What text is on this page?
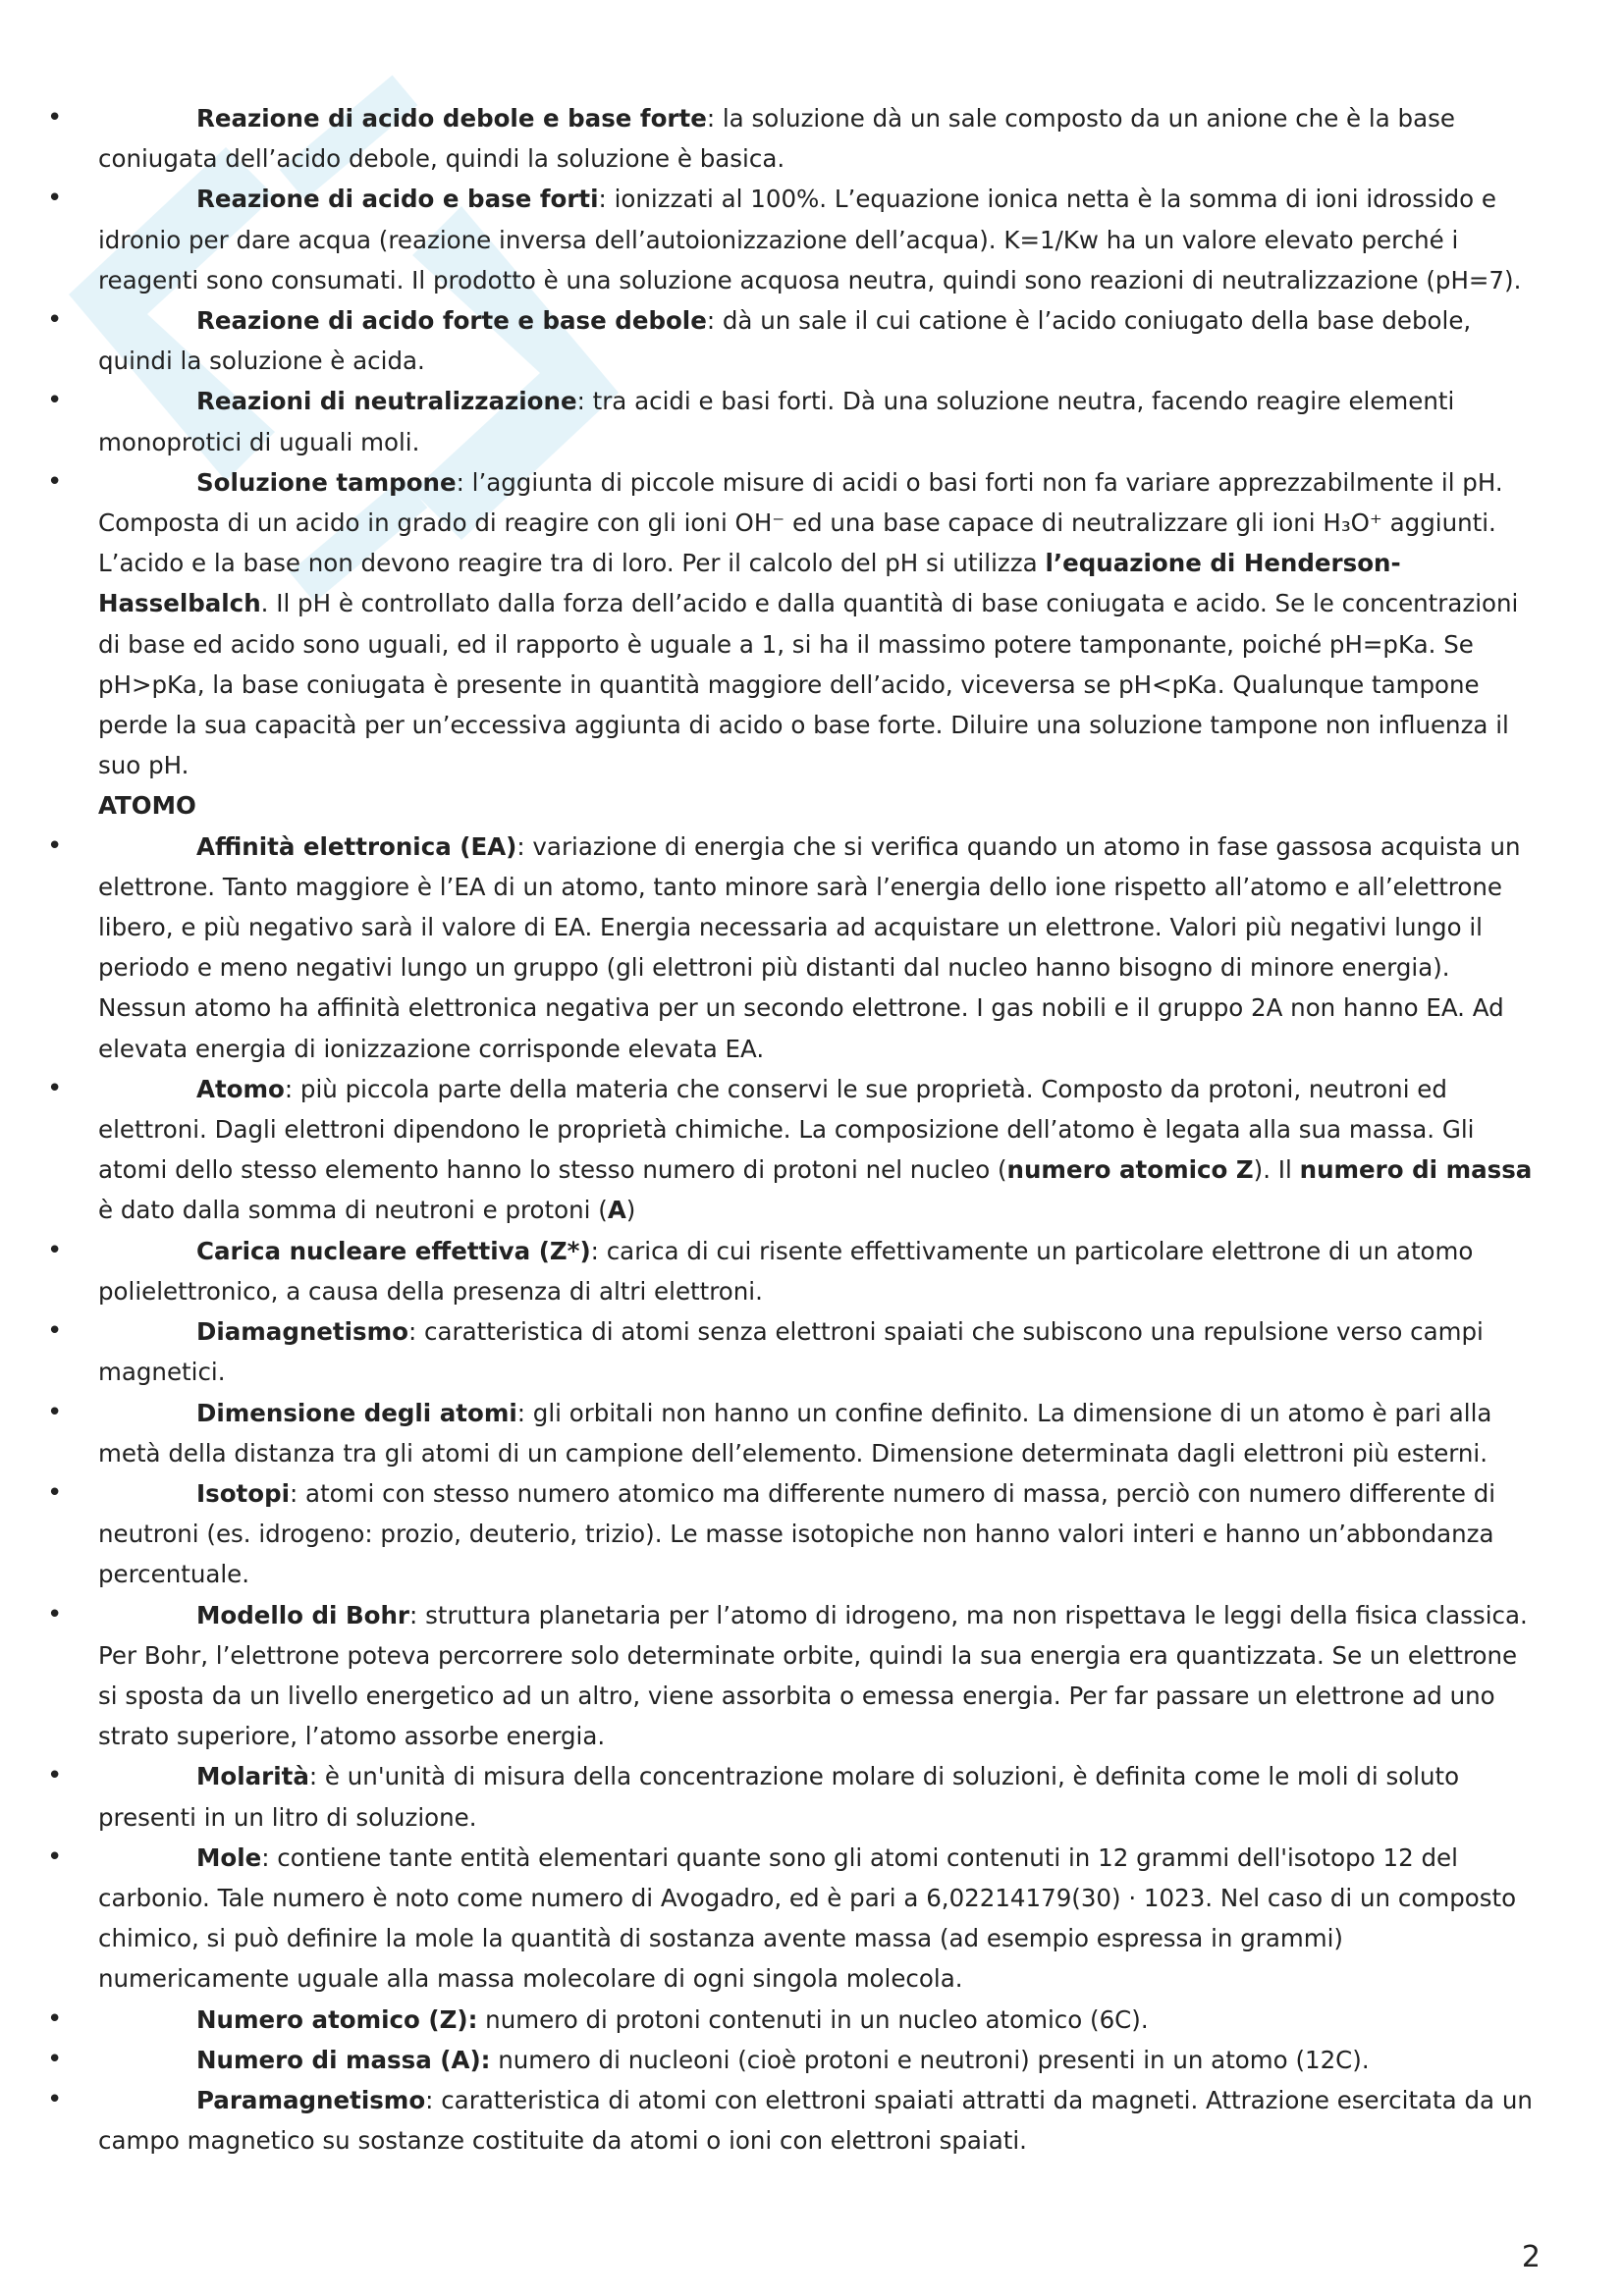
•	Reazione di acido debole e base forte: la soluzione dà un sale composto da un anione che è la base coniugata dell’acido debole, quindi la soluzione è basica.

•	Reazione di acido e base forti: ionizzati al 100%. L’equazione ionica netta è la somma di ioni idrossido e idronio per dare acqua (reazione inversa dell’autoionizzazione dell’acqua). K=1/Kw ha un valore elevato perché i reagenti sono consumati. Il prodotto è una soluzione acquosa neutra, quindi sono reazioni di neutralizzazione (pH=7).

•	Reazione di acido forte e base debole: dà un sale il cui catione è l’acido coniugato della base debole, quindi la soluzione è acida.

•	Reazioni di neutralizzazione: tra acidi e basi forti. Dà una soluzione neutra, facendo reagire elementi monoprotici di uguali moli.

•	Soluzione tampone: l’aggiunta di piccole misure di acidi o basi forti non fa variare apprezzabilmente il pH. Composta di un acido in grado di reagire con gli ioni OH⁻ ed una base capace di neutralizzare gli ioni H₃O⁺ aggiunti. L’acido e la base non devono reagire tra di loro. Per il calcolo del pH si utilizza l’equazione di Henderson-Hasselbalch. Il pH è controllato dalla forza dell’acido e dalla quantità di base coniugata e acido. Se le concentrazioni di base ed acido sono uguali, ed il rapporto è uguale a 1, si ha il massimo potere tamponante, poiché pH=pKa. Se pH>pKa, la base coniugata è presente in quantità maggiore dell’acido, viceversa se pH<pKa. Qualunque tampone perde la sua capacità per un’eccessiva aggiunta di acido o base forte. Diluire una soluzione tampone non influenza il suo pH.

ATOMO

•	Affinità elettronica (EA): variazione di energia che si verifica quando un atomo in fase gassosa acquista un elettrone. Tanto maggiore è l’EA di un atomo, tanto minore sarà l’energia dello ione rispetto all’atomo e all’elettrone libero, e più negativo sarà il valore di EA. Energia necessaria ad acquistare un elettrone. Valori più negativi lungo il periodo e meno negativi lungo un gruppo (gli elettroni più distanti dal nucleo hanno bisogno di minore energia). Nessun atomo ha affinità elettronica negativa per un secondo elettrone. I gas nobili e il gruppo 2A non hanno EA. Ad elevata energia di ionizzazione corrisponde elevata EA.

•	Atomo: più piccola parte della materia che conservi le sue proprietà. Composto da protoni, neutroni ed elettroni. Dagli elettroni dipendono le proprietà chimiche. La composizione dell’atomo è legata alla sua massa. Gli atomi dello stesso elemento hanno lo stesso numero di protoni nel nucleo (numero atomico Z). Il numero di massa è dato dalla somma di neutroni e protoni (A)

•	Carica nucleare effettiva (Z*): carica di cui risente effettivamente un particolare elettrone di un atomo polielettronico, a causa della presenza di altri elettroni.

•	Diamagnetismo: caratteristica di atomi senza elettroni spaiati che subiscono una repulsione verso campi magnetici.

•	Dimensione degli atomi: gli orbitali non hanno un confine definito. La dimensione di un atomo è pari alla metà della distanza tra gli atomi di un campione dell’elemento. Dimensione determinata dagli elettroni più esterni.

•	Isotopi: atomi con stesso numero atomico ma differente numero di massa, perciò con numero differente di neutroni (es. idrogeno: prozio, deuterio, trizio). Le masse isotopiche non hanno valori interi e hanno un’abbondanza percentuale.

•	Modello di Bohr: struttura planetaria per l’atomo di idrogeno, ma non rispettava le leggi della fisica classica. Per Bohr, l’elettrone poteva percorrere solo determinate orbite, quindi la sua energia era quantizzata. Se un elettrone si sposta da un livello energetico ad un altro, viene assorbita o emessa energia. Per far passare un elettrone ad uno strato superiore, l’atomo assorbe energia.

•	Molarità: è un'unità di misura della concentrazione molare di soluzioni, è definita come le moli di soluto presenti in un litro di soluzione.

•	Mole: contiene tante entità elementari quante sono gli atomi contenuti in 12 grammi dell'isotopo 12 del carbonio. Tale numero è noto come numero di Avogadro, ed è pari a 6,02214179(30) · 1023. Nel caso di un composto chimico, si può definire la mole la quantità di sostanza avente massa (ad esempio espressa in grammi) numericamente uguale alla massa molecolare di ogni singola molecola.

•	Numero atomico (Z): numero di protoni contenuti in un nucleo atomico (6C).

•	Numero di massa (A): numero di nucleoni (cioè protoni e neutroni) presenti in un atomo (12C).

•	Paramagnetismo: caratteristica di atomi con elettroni spaiati attratti da magneti. Attrazione esercitata da un campo magnetico su sostanze costituite da atomi o ioni con elettroni spaiati.

2
